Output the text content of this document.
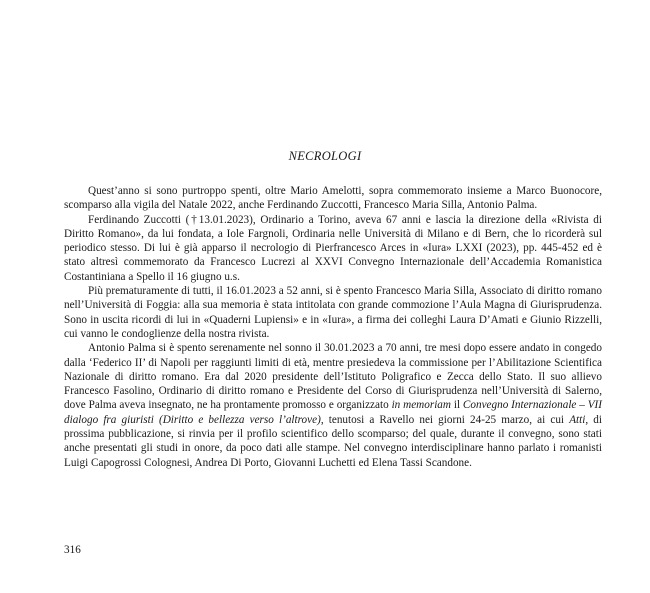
NECROLOGI

Quest’anno si sono purtroppo spenti, oltre Mario Amelotti, sopra commemorato insieme a Marco Buonocore, scomparso alla vigila del Natale 2022, anche Ferdinando Zuccotti, Francesco Maria Silla, Antonio Palma.

Ferdinando Zuccotti (†13.01.2023), Ordinario a Torino, aveva 67 anni e lascia la direzione della «Rivista di Diritto Romano», da lui fondata, a Iole Fargnoli, Ordinaria nelle Università di Milano e di Bern, che lo ricorderà sul periodico stesso. Di lui è già apparso il necrologio di Pierfrancesco Arces in «Iura» LXXI (2023), pp. 445-452 ed è stato altresì commemorato da Francesco Lucrezi al XXVI Convegno Internazionale dell’Accademia Romanistica Costantiniana a Spello il 16 giugno u.s.

Più prematuramente di tutti, il 16.01.2023 a 52 anni, si è spento Francesco Maria Silla, Associato di diritto romano nell’Università di Foggia: alla sua memoria è stata intitolata con grande commozione l’Aula Magna di Giurisprudenza. Sono in uscita ricordi di lui in «Quaderni Lupiensi» e in «Iura», a firma dei colleghi Laura D’Amati e Giunio Rizzelli, cui vanno le condoglienze della nostra rivista.

Antonio Palma si è spento serenamente nel sonno il 30.01.2023 a 70 anni, tre mesi dopo essere andato in congedo dalla ‘Federico II’ di Napoli per raggiunti limiti di età, mentre presiedeva la commissione per l’Abilitazione Scientifica Nazionale di diritto romano. Era dal 2020 presidente dell’Istituto Poligrafico e Zecca dello Stato. Il suo allievo Francesco Fasolino, Ordinario di diritto romano e Presidente del Corso di Giurisprudenza nell’Università di Salerno, dove Palma aveva insegnato, ne ha prontamente promosso e organizzato in memoriam il Convegno Internazionale – VII dialogo fra giuristi (Diritto e bellezza verso l’altrove), tenutosi a Ravello nei giorni 24-25 marzo, ai cui Atti, di prossima pubblicazione, si rinvia per il profilo scientifico dello scomparso; del quale, durante il convegno, sono stati anche presentati gli studi in onore, da poco dati alle stampe. Nel convegno interdisciplinare hanno parlato i romanisti Luigi Capogrossi Colognesi, Andrea Di Porto, Giovanni Luchetti ed Elena Tassi Scandone.

316
